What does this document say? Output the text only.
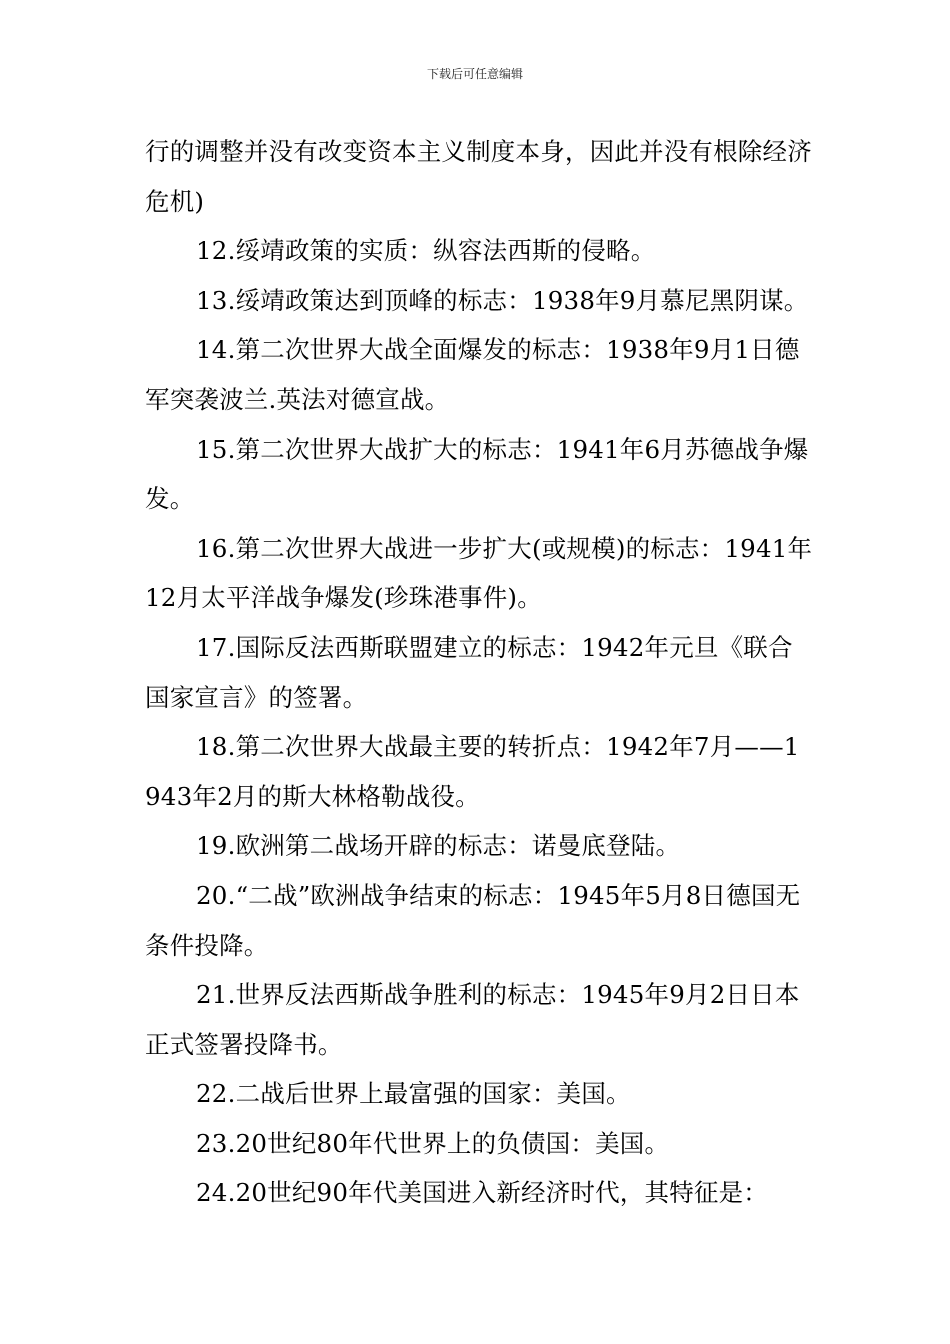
下载后可任意编辑

行的调整并没有改变资本主义制度本身，因此并没有根除经济危机)

12.绥靖政策的实质：纵容法西斯的侵略。

13.绥靖政策达到顶峰的标志：1938年9月慕尼黑阴谋。

14.第二次世界大战全面爆发的标志：1938年9月1日德军突袭波兰.英法对德宣战。

15.第二次世界大战扩大的标志：1941年6月苏德战争爆发。

16.第二次世界大战进一步扩大(或规模)的标志：1941年12月太平洋战争爆发(珍珠港事件)。

17.国际反法西斯联盟建立的标志：1942年元旦《联合国家宣言》的签署。

18.第二次世界大战最主要的转折点：1942年7月——1943年2月的斯大林格勒战役。

19.欧洲第二战场开辟的标志：诺曼底登陆。

20.“二战”欧洲战争结束的标志：1945年5月8日德国无条件投降。

21.世界反法西斯战争胜利的标志：1945年9月2日日本正式签署投降书。

22.二战后世界上最富强的国家：美国。

23.20世纪80年代世界上的负债国：美国。

24.20世纪90年代美国进入新经济时代，其特征是：
